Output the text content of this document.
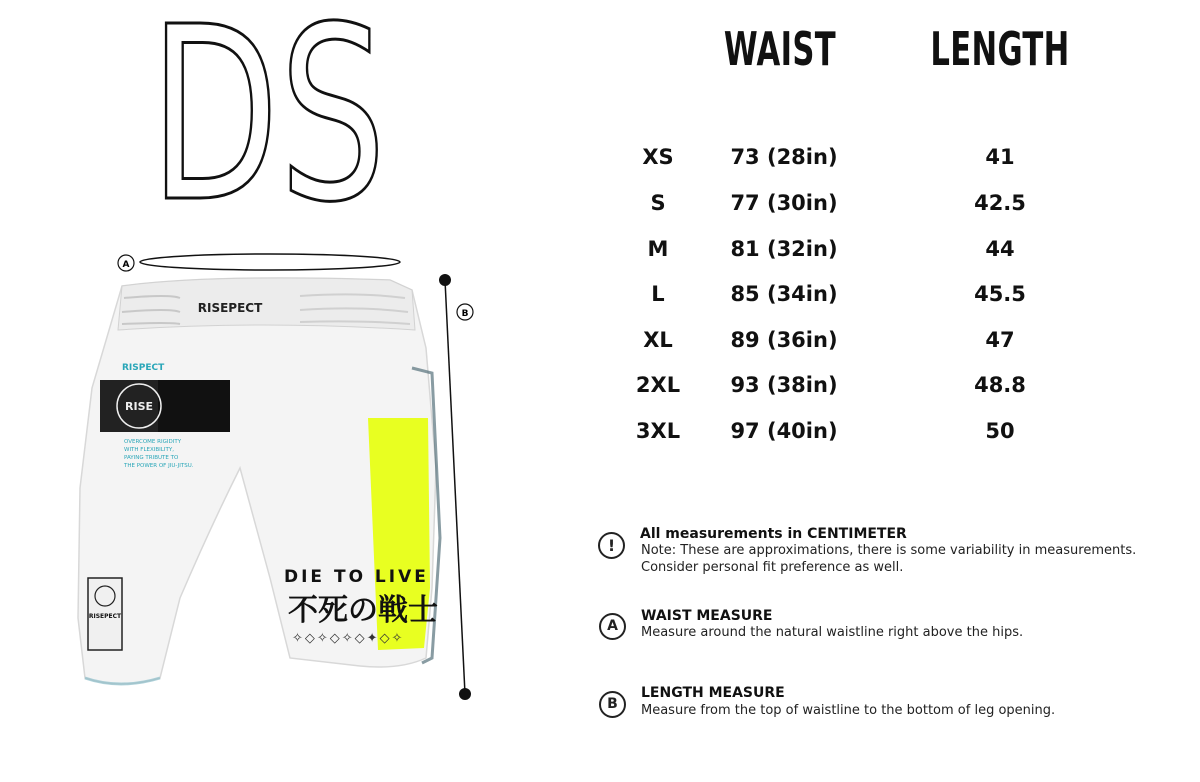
DS
A
B
RISEPECT
RISPECT
RISE
OVERCOME RIGIDITY
WITH FLEXIBILITY,
PAYING TRIBUTE TO
THE POWER OF JIU-JITSU.
DIE TO LIVE
不死の戦士
✧◇✧◇✧◇✦◇✧
RISEPECT
WAIST	LENGTH
XS	73 (28in)	41
S	77 (30in)	42.5
M	81 (32in)	44
L	85 (34in)	45.5
XL	89 (36in)	47
2XL	93 (38in)	48.8
3XL	97 (40in)	50
!
All measurements in CENTIMETER
Note: These are approximations, there is some variability in measurements.
Consider personal fit preference as well.
A
WAIST MEASURE
Measure around the natural waistline right above the hips.
B
LENGTH MEASURE
Measure from the top of waistline to the bottom of leg opening.
